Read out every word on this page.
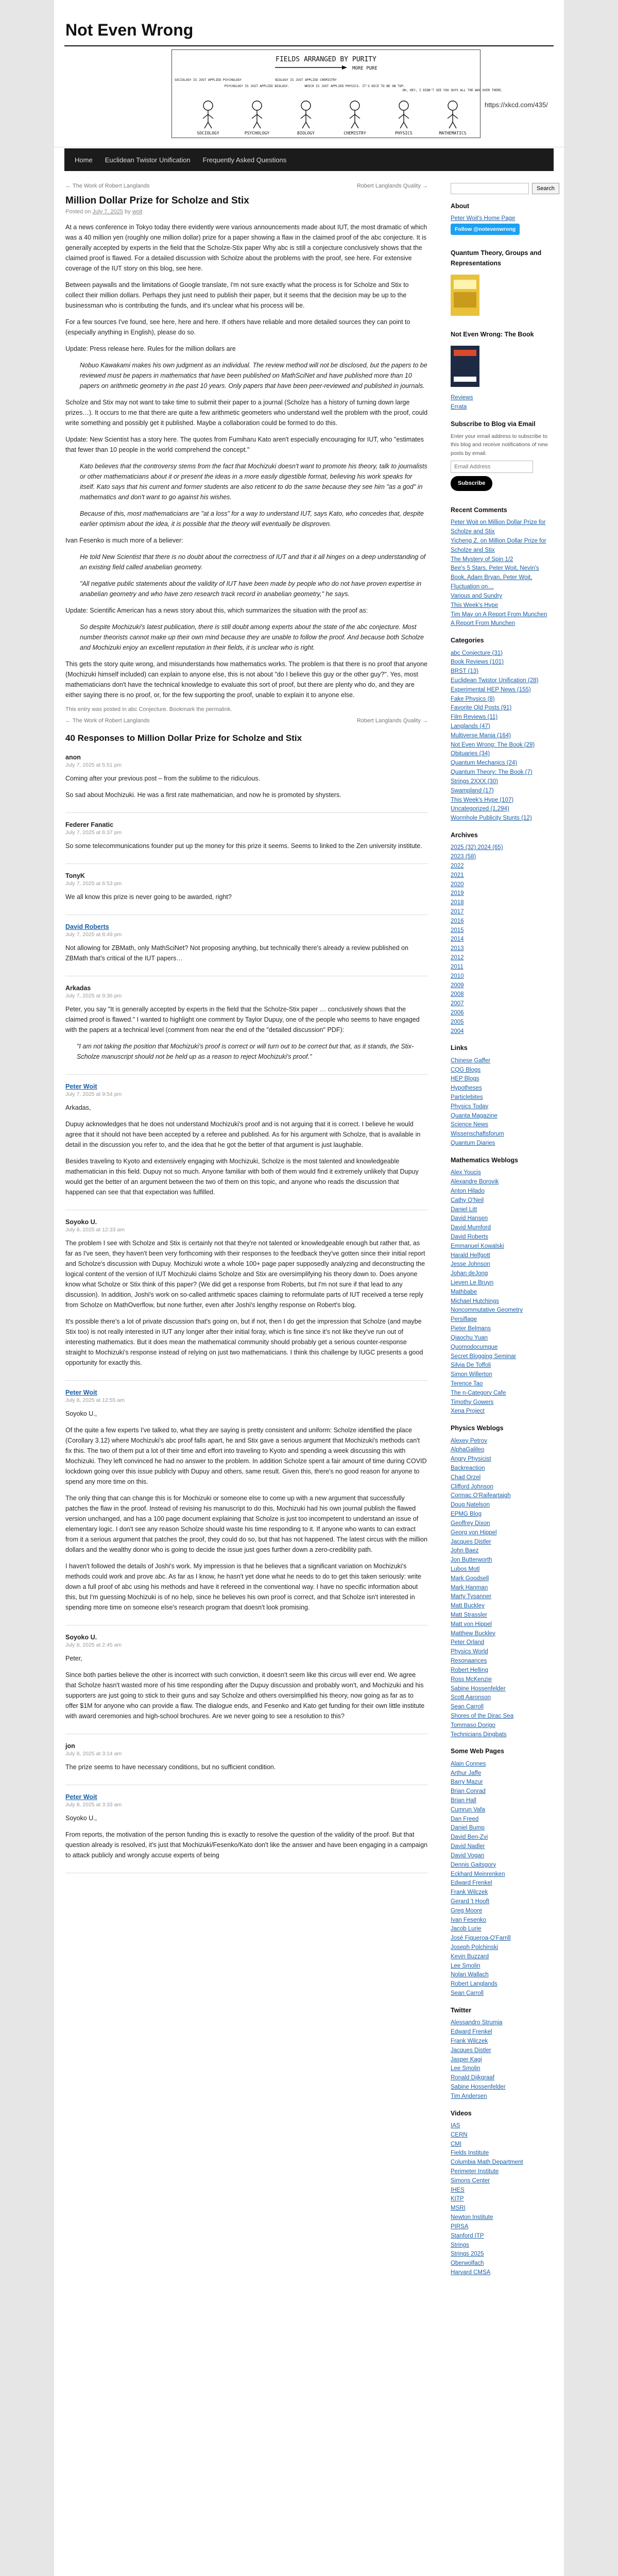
Not Even Wrong
FIELDS ARRANGED BY PURITY
MORE PURE
SOCIOLOGY
SOCIOLOGY IS JUST APPLIED PSYCHOLOGY
PSYCHOLOGY
PSYCHOLOGY IS JUST APPLIED BIOLOGY.
BIOLOGY
BIOLOGY IS JUST APPLIED CHEMISTRY
CHEMISTRY
WHICH IS JUST APPLIED PHYSICS. IT'S NICE TO BE ON TOP.
PHYSICS
OH, HEY, I DIDN'T SEE YOU GUYS ALL THE WAY OVER THERE.
MATHEMATICS
https://xkcd.com/435/
Home	Euclidean Twistor Unification	Frequently Asked Questions
← The Work of Robert Langlands	Robert Langlands Quality →
Million Dollar Prize for Scholze and Stix
Posted on July 7, 2025 by woit

At a news conference in Tokyo today there evidently were various announcements made about IUT, the most dramatic of which was a 40 million yen (roughly one million dollar) prize for a paper showing a flaw in the claimed proof of the abc conjecture. It is generally accepted by experts in the field that the Scholze-Stix paper Why abc is still a conjecture conclusively shows that the claimed proof is flawed. For a detailed discussion with Scholze about the problems with the proof, see here. For extensive coverage of the IUT story on this blog, see here.

Between paywalls and the limitations of Google translate, I'm not sure exactly what the process is for Scholze and Stix to collect their million dollars. Perhaps they just need to publish their paper, but it seems that the decision may be up to the businessman who is contributing the funds, and it's unclear what his process will be.

For a few sources I've found, see here, here and here. If others have reliable and more detailed sources they can point to (especially anything in English), please do so.

Update: Press release here. Rules for the million dollars are

Nobuo Kawakami makes his own judgment as an individual. The review method will not be disclosed, but the papers to be reviewed must be papers in mathematics that have been published on MathSciNet and have published more than 10 papers on arithmetic geometry in the past 10 years. Only papers that have been peer-reviewed and published in journals.

Scholze and Stix may not want to take time to submit their paper to a journal (Scholze has a history of turning down large prizes…). It occurs to me that there are quite a few arithmetic geometers who understand well the problem with the proof, could write something and possibly get it published. Maybe a collaboration could be formed to do this.

Update: New Scientist has a story here. The quotes from Fumiharu Kato aren't especially encouraging for IUT, who "estimates that fewer than 10 people in the world comprehend the concept."

Kato believes that the controversy stems from the fact that Mochizuki doesn't want to promote his theory, talk to journalists or other mathematicians about it or present the ideas in a more easily digestible format, believing his work speaks for itself. Kato says that his current and former students are also reticent to do the same because they see him "as a god" in mathematics and don't want to go against his wishes.

Because of this, most mathematicians are "at a loss" for a way to understand IUT, says Kato, who concedes that, despite earlier optimism about the idea, it is possible that the theory will eventually be disproven.

Ivan Fesenko is much more of a believer:

He told New Scientist that there is no doubt about the correctness of IUT and that it all hinges on a deep understanding of an existing field called anabelian geometry.

"All negative public statements about the validity of IUT have been made by people who do not have proven expertise in anabelian geometry and who have zero research track record in anabelian geometry," he says.

Update: Scientific American has a news story about this, which summarizes the situation with the proof as:

So despite Mochizuki's latest publication, there is still doubt among experts about the state of the abc conjecture. Most number theorists cannot make up their own mind because they are unable to follow the proof. And because both Scholze and Mochizuki enjoy an excellent reputation in their fields, it is unclear who is right.

This gets the story quite wrong, and misunderstands how mathematics works. The problem is that there is no proof that anyone (Mochizuki himself included) can explain to anyone else, this is not about "do I believe this guy or the other guy?". Yes, most mathematicians don't have the technical knowledge to evaluate this sort of proof, but there are plenty who do, and they are either saying there is no proof, or, for the few supporting the proof, unable to explain it to anyone else.

This entry was posted in abc Conjecture. Bookmark the permalink.
← The Work of Robert Langlands	Robert Langlands Quality →
40 Responses to Million Dollar Prize for Scholze and Stix
anon
July 7, 2025 at 5:51 pm

Coming after your previous post – from the sublime to the ridiculous.

So sad about Mochizuki. He was a first rate mathematician, and now he is promoted by shysters.

Federer Fanatic
July 7, 2025 at 6:37 pm

So some telecommunications founder put up the money for this prize it seems. Seems to linked to the Zen university institute.

TonyK
July 7, 2025 at 6:53 pm

We all know this prize is never going to be awarded, right?

David Roberts
July 7, 2025 at 8:49 pm

Not allowing for ZBMath, only MathSciNet? Not proposing anything, but technically there's already a review published on ZBMath that's critical of the IUT papers…

Arkadas
July 7, 2025 at 9:36 pm

Peter, you say "It is generally accepted by experts in the field that the Scholze-Stix paper … conclusively shows that the claimed proof is flawed." I wanted to highlight one comment by Taylor Dupuy, one of the people who seems to have engaged with the papers at a technical level (comment from near the end of the "detailed discussion" PDF):

"I am not taking the position that Mochizuki's proof is correct or will turn out to be correct but that, as it stands, the Stix-Scholze manuscript should not be held up as a reason to reject Mochizuki's proof."

Peter Woit
July 7, 2025 at 9:54 pm

Arkadas,

Dupuy acknowledges that he does not understand Mochizuki's proof and is not arguing that it is correct. I believe he would agree that it should not have been accepted by a referee and published. As for his argument with Scholze, that is available in detail in the discussion you refer to, and the idea that he got the better of that argument is just laughable.

Besides traveling to Kyoto and extensively engaging with Mochizuki, Scholze is the most talented and knowledgeable mathematician in this field. Dupuy not so much. Anyone familiar with both of them would find it extremely unlikely that Dupuy would get the better of an argument between the two of them on this topic, and anyone who reads the discussion that happened can see that that expectation was fulfilled.

Soyoko U.
July 8, 2025 at 12:33 am

The problem I see with Scholze and Stix is certainly not that they're not talented or knowledgeable enough but rather that, as far as I've seen, they haven't been very forthcoming with their responses to the feedback they've gotten since their initial report and Scholze's discussion with Dupuy. Mochizuki wrote a whole 100+ page paper supposedly analyzing and deconstructing the logical content of the version of IUT Mochizuki claims Scholze and Stix are oversimplifying his theory down to. Does anyone know what Scholze or Stix think of this paper? (We did get a response from Roberts, but I'm not sure if that lead to any discussion). In addition, Joshi's work on so-called arithmetic spaces claiming to reformulate parts of IUT received a terse reply from Scholze on MathOverflow, but none further, even after Joshi's lengthy response on Robert's blog.

It's possible there's a lot of private discussion that's going on, but if not, then I do get the impression that Scholze (and maybe Stix too) is not really interested in IUT any longer after their initial foray, which is fine since it's not like they've run out of interesting mathematics. But it does mean the mathematical community should probably get a serious counter-response straight to Mochizuki's response instead of relying on just two mathematicians. I think this challenge by IUGC presents a good opportunity for exactly this.

Peter Woit
July 8, 2025 at 12:55 am

Soyoko U.,

Of the quite a few experts I've talked to, what they are saying is pretty consistent and uniform: Scholze identified the place (Corollary 3.12) where Mochizuki's abc proof falls apart, he and Stix gave a serious argument that Mochizuki's methods can't fix this. The two of them put a lot of their time and effort into traveling to Kyoto and spending a week discussing this with Mochizuki. They left convinced he had no answer to the problem. In addition Scholze spent a fair amount of time during COVID lockdown going over this issue publicly with Dupuy and others, same result. Given this, there's no good reason for anyone to spend any more time on this.

The only thing that can change this is for Mochizuki or someone else to come up with a new argument that successfully patches the flaw in the proof. Instead of revising his manuscript to do this, Mochizuki had his own journal publish the flawed version unchanged, and has a 100 page document explaining that Scholze is just too incompetent to understand an issue of elementary logic. I don't see any reason Scholze should waste his time responding to it. If anyone who wants to can extract from it a serious argument that patches the proof, they could do so, but that has not happened. The latest circus with the million dollars and the wealthy donor who is going to decide the issue just goes further down a zero-credibility path.

I haven't followed the details of Joshi's work. My impression is that he believes that a significant variation on Mochizuki's methods could work and prove abc. As far as I know, he hasn't yet done what he needs to do to get this taken seriously: write down a full proof of abc using his methods and have it refereed in the conventional way. I have no specific information about this, but I'm guessing Mochizuki is of no help, since he believes his own proof is correct, and that Scholze isn't interested in spending more time on someone else's research program that doesn't look promising.

Soyoko U.
July 8, 2025 at 2:45 am

Peter,

Since both parties believe the other is incorrect with such conviction, it doesn't seem like this circus will ever end. We agree that Scholze hasn't wasted more of his time responding after the Dupuy discussion and probably won't, and Mochizuki and his supporters are just going to stick to their guns and say Scholze and others oversimplified his theory, now going as far as to offer $1M for anyone who can provide a flaw. The dialogue ends, and Fesenko and Kato get funding for their own little institute with award ceremonies and high-school brochures. Are we never going to see a resolution to this?

jon
July 8, 2025 at 3:14 am

The prize seems to have necessary conditions, but no sufficient condition.

Peter Woit
July 8, 2025 at 3:33 am

Soyoko U.,

From reports, the motivation of the person funding this is exactly to resolve the question of the validity of the proof. But that question already is resolved, it's just that Mochizuki/Fesenko/Kato don't like the answer and have been engaging in a campaign to attack publicly and wrongly accuse experts of being

Search
About
Peter Woit's Home Page
Follow @notevenwrong
Quantum Theory, Groups and Representations
Not Even Wrong: The Book
Reviews
Errata
Subscribe to Blog via Email
Enter your email address to subscribe to this blog and receive notifications of new posts by email.
Email Address Subscribe
Recent Comments
Peter Woit on Million Dollar Prize for Scholze and Stix
Yicheng Z. on Million Dollar Prize for Scholze and Stix
The Mystery of Spin 1/2
Bee's 5 Stars, Peter Woit, Nevin's Book, Adam Bryan, Peter Woit, Fluctuation on…
Various and Sundry
This Week's Hype
Tim May on A Report From Munchen
A Report From Munchen
Categories
abc Conjecture (31)
Book Reviews (101)
BRST (13)
Euclidean Twistor Unification (28)
Experimental HEP News (155)
Fake Physics (8)
Favorite Old Posts (91)
Film Reviews (11)
Langlands (47)
Multiverse Mania (164)
Not Even Wrong: The Book (29)
Obituaries (34)
Quantum Mechanics (24)
Quantum Theory: The Book (7)
Strings 2XXX (30)
Swampland (17)
This Week's Hype (107)
Uncategorized (1,294)
Wormhole Publicity Stunts (12)
Archives
2025 (32) 2024 (65)
2023 (58)
2022
2021
2020
2019
2018
2017
2016
2015
2014
2013
2012
2011
2010
2009
2008
2007
2006
2005
2004
Links
Chinese Gaffer
CQG Blogs
HEP Blogs
Hypotheses
Particlebites
Physics Today
Quanta Magazine
Science News
Wissenschaftsforum
Quantum Diaries
Mathematics Weblogs
Alex Youcis
Alexandre Borovik
Anton Hilado
Cathy O'Neil
Daniel Litt
David Hansen
David Mumford
David Roberts
Emmanuel Kowalski
Harald Helfgott
Jesse Johnson
Johan deJong
Lieven Le Bruyn
Mathbabe
Michael Hutchings
Noncommutative Geometry
Persiflage
Pieter Belmans
Qiaochu Yuan
Quomodocumque
Secret Blogging Seminar
Silvia De Toffoli
Simon Willerton
Terence Tao
The n-Category Cafe
Timothy Gowers
Xena Project
Physics Weblogs
Alexey Petrov
AlphaGalileo
Angry Physicist
Backreaction
Chad Orzel
Clifford Johnson
Cormac O'Raifeartaigh
Doug Natelson
EPMG Blog
Geoffrey Dixon
Georg von Hippel
Jacques Distler
John Baez
Jon Butterworth
Lubos Motl
Mark Goodsell
Mark Hanman
Marty Tysanner
Matt Buckley
Matt Strassler
Matt von Hippel
Matthew Buckley
Peter Orland
Physics World
Resonaances
Robert Helling
Ross McKenzie
Sabine Hossenfelder
Scott Aaronson
Sean Carroll
Shores of the Dirac Sea
Tommaso Dorigo
Technicians Dingbats
Some Web Pages
Alain Connes
Arthur Jaffe
Barry Mazur
Brian Conrad
Brian Hall
Cumrun Vafa
Dan Freed
Daniel Bump
David Ben-Zvi
David Nadler
David Vogan
Dennis Gaitsgory
Eckhard Meinrenken
Edward Frenkel
Frank Wilczek
Gerard 't Hooft
Greg Moore
Ivan Fesenko
Jacob Lurie
José Figueroa-O'Farrill
Joseph Polchinski
Kevin Buzzard
Lee Smolin
Nolan Wallach
Robert Langlands
Sean Carroll
Twitter
Alessandro Strumia
Edward Frenkel
Frank Wilczek
Jacques Distler
Jasper Kagi
Lee Smolin
Ronald Dijkgraaf
Sabine Hossenfelder
Tim Andersen
Videos
IAS
CERN
CMI
Fields Institute
Columbia Math Department
Perimeter Institute
Simons Center
IHES
KITP
MSRI
Newton Institute
PIRSA
Stanford ITP
Strings
Strings 2025
Oberwolfach
Harvard CMSA
